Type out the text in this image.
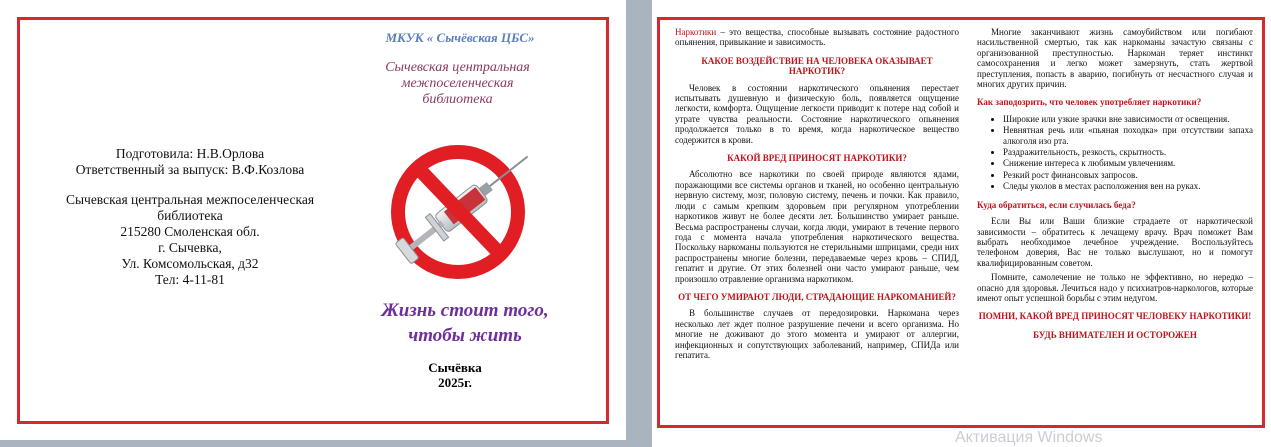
МКУК « Сычёвская ЦБС»
Сычевская центральная межпоселенческая библиотека
Подготовила: Н.В.Орлова
Ответственный за выпуск: В.Ф.Козлова
Сычевская центральная межпоселенческая
библиотека
215280 Смоленская обл.
г. Сычевка,
Ул. Комсомольская, д32
Тел: 4-11-81
Жизнь стоит того,
чтобы жить
Сычёвка
2025г.

Наркотики – это вещества, способные вызывать состояние радостного опьянения, привыкание и зависимость.

КАКОЕ ВОЗДЕЙСТВИЕ НА ЧЕЛОВЕКА ОКАЗЫВАЕТ НАРКОТИК?

Человек в состоянии наркотического опьянения перестает испытывать душевную и физическую боль, появляется ощущение легкости, комфорта. Ощущение легкости приводит к потере над собой и утрате чувства реальности. Состояние наркотического опьянения продолжается только в то время, когда наркотическое вещество содержится в крови.

КАКОЙ ВРЕД ПРИНОСЯТ НАРКОТИКИ?

Абсолютно все наркотики по своей природе являются ядами, поражающими все системы органов и тканей, но особенно центральную нервную систему, мозг, половую систему, печень и почки. Как правило, люди с самым крепким здоровьем при регулярном употреблении наркотиков живут не более десяти лет. Большинство умирает раньше. Весьма распространены случаи, когда люди, умирают в течение первого года с момента начала употребления наркотического вещества. Поскольку наркоманы пользуются не стерильными шприцами, среди них распространены многие болезни, передаваемые через кровь – СПИД, гепатит и другие. От этих болезней они часто умирают раньше, чем произошло отравление организма наркотиком.

ОТ ЧЕГО УМИРАЮТ ЛЮДИ, СТРАДАЮЩИЕ НАРКОМАНИЕЙ?

В большинстве случаев от передозировки. Наркомана через несколько лет ждет полное разрушение печени и всего организма. Но многие не доживают до этого момента и умирают от аллергии, инфекционных и сопутствующих заболеваний, например, СПИДа или гепатита.

Многие заканчивают жизнь самоубийством или погибают насильственной смертью, так как наркоманы зачастую связаны с организованной преступностью. Наркоман теряет инстинкт самосохранения и легко может замерзнуть, стать жертвой преступления, попасть в аварию, погибнуть от несчастного случая и многих других причин.

Как заподозрить, что человек употребляет наркотики?
• Широкие или узкие зрачки вне зависимости от освещения.
• Невнятная речь или «пьяная походка» при отсутствии запаха алкоголя изо рта.
• Раздражительность, резкость, скрытность.
• Снижение интереса к любимым увлечениям.
• Резкий рост финансовых запросов.
• Следы уколов в местах расположения вен на руках.
Куда обратиться, если случилась беда?

Если Вы или Ваши близкие страдаете от наркотической зависимости – обратитесь к лечащему врачу. Врач поможет Вам выбрать необходимое лечебное учреждение. Воспользуйтесь телефоном доверия, Вас не только выслушают, но и помогут квалифицированным советом.

Помните, самолечение не только не эффективно, но нередко – опасно для здоровья. Лечиться надо у психиатров-наркологов, которые имеют опыт успешной борьбы с этим недугом.

ПОМНИ, КАКОЙ ВРЕД ПРИНОСЯТ ЧЕЛОВЕКУ НАРКОТИКИ!
БУДЬ ВНИМАТЕЛЕН И ОСТОРОЖЕН
Активация Windows
